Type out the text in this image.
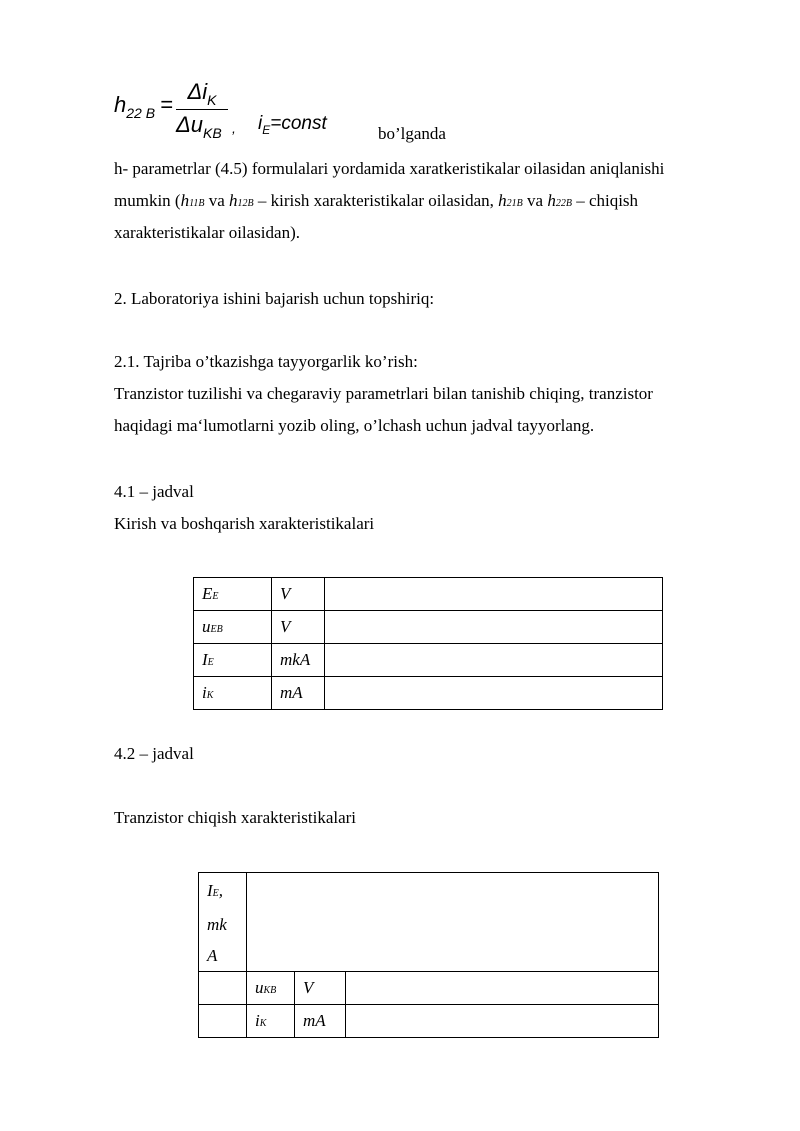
$h_{22 B}$ =
$\Delta i_K$
$\Delta u_{KB}$ , $i_E=const$	bo’lganda
h- parametrlar (4.5) formulalari yordamida xaratkeristikalar oilasidan aniqlanishi
mumkin (h11B va h12B – kirish xarakteristikalar oilasidan, h21B va h22B – chiqish
xarakteristikalar oilasidan).
2. Laboratoriya ishini bajarish uchun topshiriq:
2.1. Tajriba o’tkazishga tayyorgarlik ko’rish:
Tranzistor tuzilishi va chegaraviy parametrlari bilan tanishib chiqing, tranzistor
haqidagi maʻlumotlarni yozib oling, o’lchash uchun jadval tayyorlang.
4.1 – jadval
Kirish va boshqarish xarakteristikalari
EE	V	
uEB	V	
IE	mkA	
iK	mA	
4.2 – jadval
Tranzistor chiqish xarakteristikalari
IE,
mk
A			
	uKB	V	
	iK	mA	
